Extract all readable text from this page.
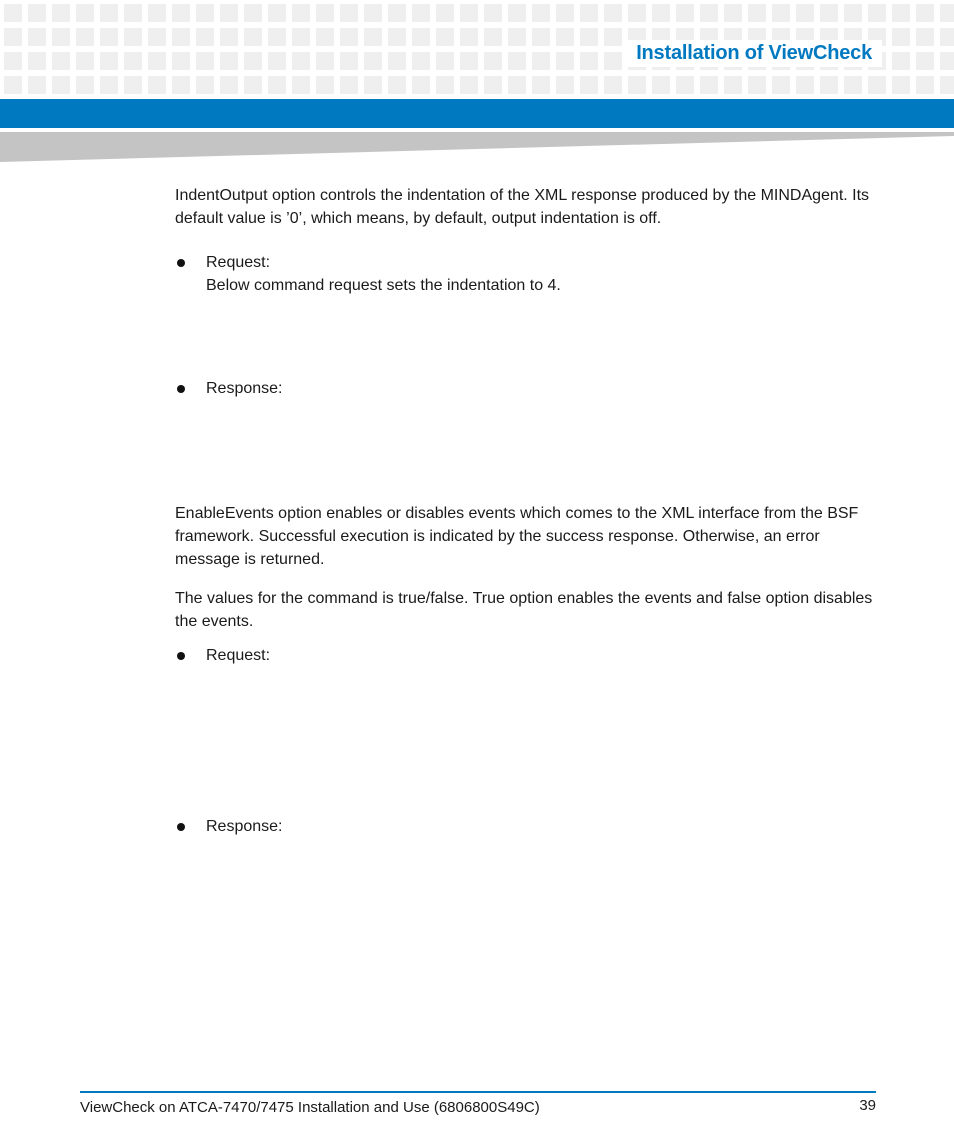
Installation of ViewCheck

IndentOutput option controls the indentation of the XML response produced by the MINDAgent. Its default value is ’0’, which means, by default, output indentation is off.

Request:
Below command request sets the indentation to 4.
Response:

EnableEvents option enables or disables events which comes to the XML interface from the BSF framework. Successful execution is indicated by the success response. Otherwise, an error message is returned.

The values for the command is true/false. True option enables the events and false option disables the events.

Request:
Response:
ViewCheck on ATCA-7470/7475 Installation and Use (6806800S49C)	39
